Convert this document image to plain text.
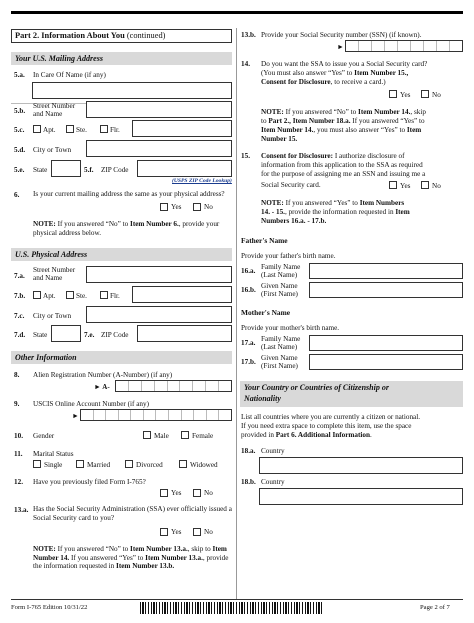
Part 2. Information About You (continued)
Your U.S. Mailing Address
5.a. In Care Of Name (if any)
5.b.
Street Number
and Name
5.c.	Apt.	Ste.	Flr.
5.d. City or Town
5.e. State	5.f. ZIP Code
(USPS ZIP Code Lookup)
6. Is your current mailing address the same as your physical address?
Yes	No
NOTE: If you answered “No” to Item Number 6., provide your physical address below.
U.S. Physical Address
7.a.
Street Number
and Name
7.b. Apt.	Ste.	Flr.
7.c. City or Town
7.d. State	7.e. ZIP Code
Other Information
8. Alien Registration Number (A-Number) (if any)
► A-
9. USCIS Online Account Number (if any)
►
10. Gender	Male	Female
11. Marital Status
Single	Married	Divorced	Widowed
12. Have you previously filed Form I-765?
Yes	No
13.a. Has the Social Security Administration (SSA) ever officially issued a Social Security card to you?
Yes	No
NOTE: If you answered “No” to Item Number 13.a., skip to Item Number 14. If you answered “Yes” to Item Number 13.a., provide the information requested in Item Number 13.b.
13.b. Provide your Social Security number (SSN) (if known).
►
14. Do you want the SSA to issue you a Social Security card?
(You must also answer “Yes” to Item Number 15.,
Consent for Disclosure, to receive a card.)
Yes	No
NOTE: If you answered “No” to Item Number 14., skip
to Part 2., Item Number 18.a. If you answered “Yes” to
Item Number 14., you must also answer “Yes” to Item
Number 15.
15. Consent for Disclosure: I authorize disclosure of
information from this application to the SSA as required
for the purpose of assigning me an SSN and issuing me a
Social Security card.	Yes	No
NOTE: If you answered “Yes” to Item Numbers
14. - 15., provide the information requested in Item
Numbers 16.a. - 17.b.
Father's Name
Provide your father's birth name.
16.a. Family Name
(Last Name)
16.b. Given Name
(First Name)
Mother's Name
Provide your mother's birth name.
17.a. Family Name
(Last Name)
17.b. Given Name
(First Name)
Your Country or Countries of Citizenship or
Nationality
List all countries where you are currently a citizen or national.
If you need extra space to complete this item, use the space
provided in Part 6. Additional Information.
18.a. Country
18.b. Country
Form I-765 Edition 10/31/22	Page 2 of 7
